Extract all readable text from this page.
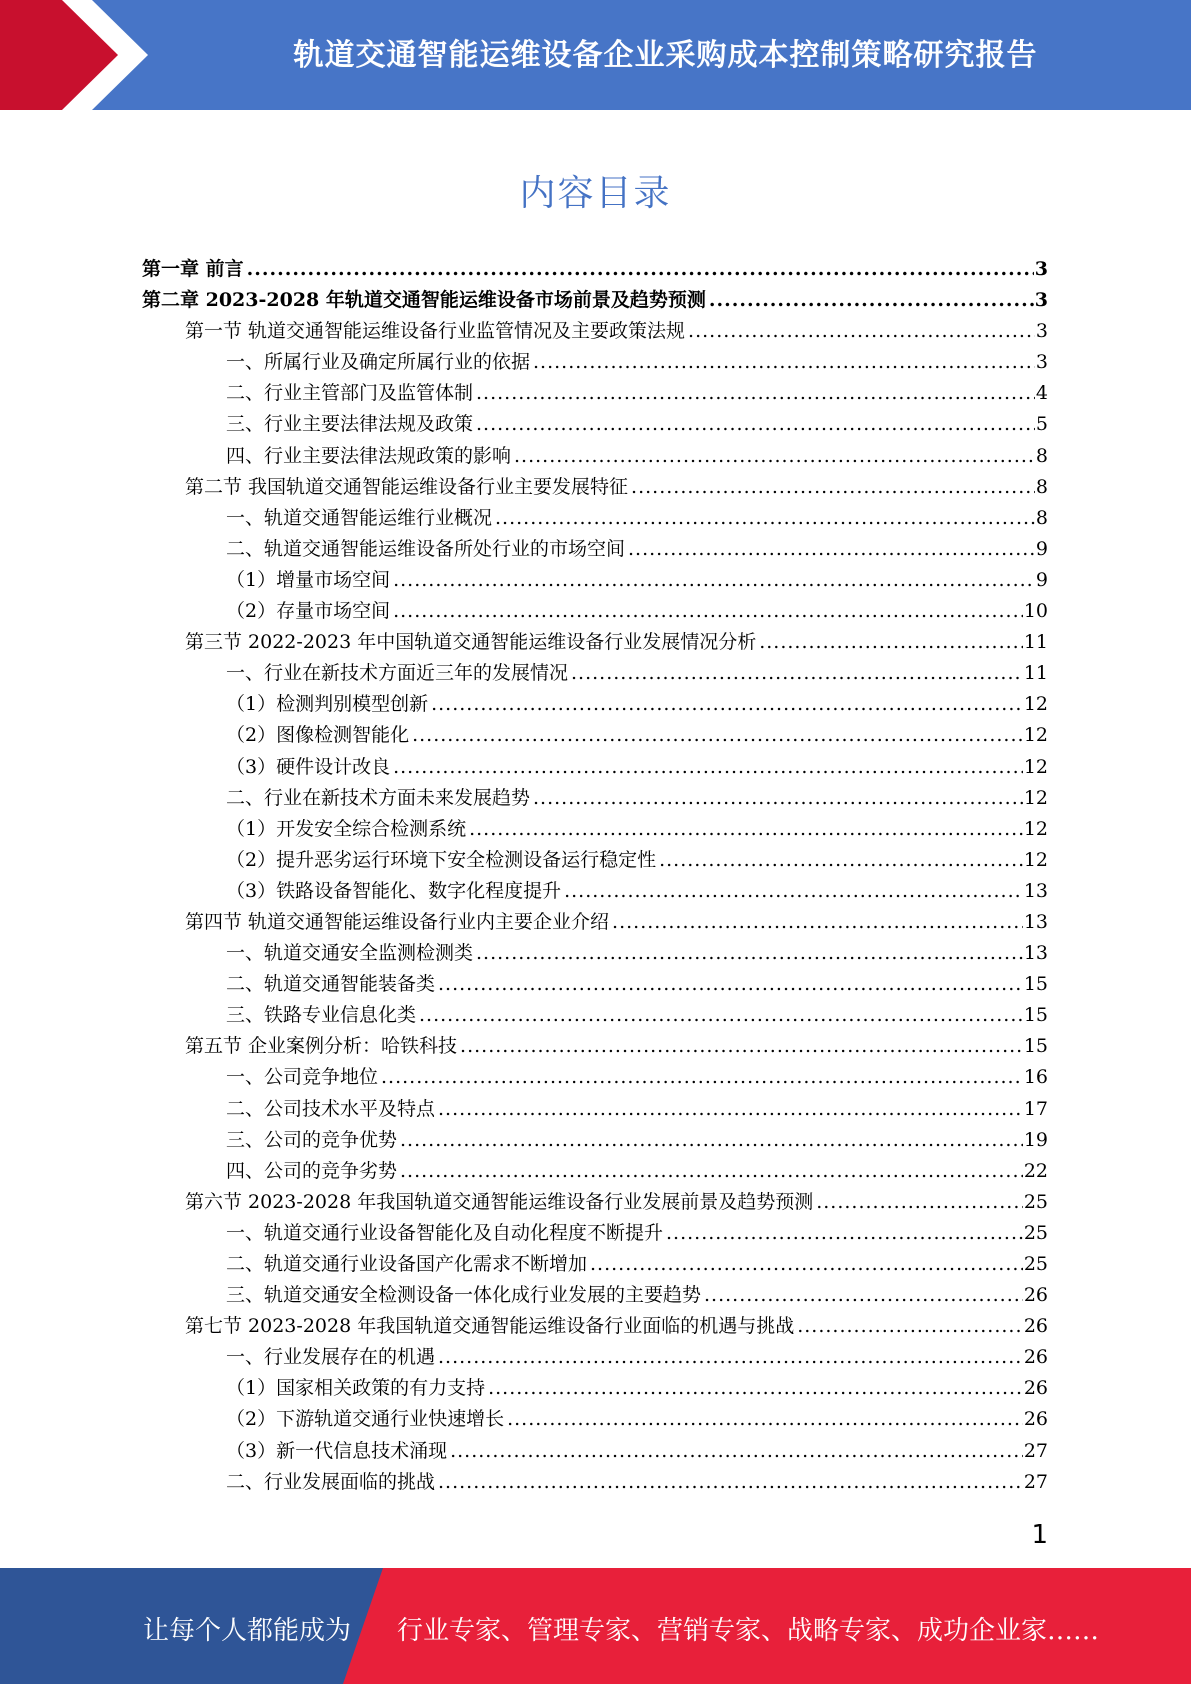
轨道交通智能运维设备企业采购成本控制策略研究报告
内容目录
第一章 前言 .....	3
第二章 2023-2028 年轨道交通智能运维设备市场前景及趋势预测 .....	3
第一节 轨道交通智能运维设备行业监管情况及主要政策法规 .....	3
一、所属行业及确定所属行业的依据 .....	3
二、行业主管部门及监管体制 .....	4
三、行业主要法律法规及政策 .....	5
四、行业主要法律法规政策的影响 .....	8
第二节 我国轨道交通智能运维设备行业主要发展特征 .....	8
一、轨道交通智能运维行业概况 .....	8
二、轨道交通智能运维设备所处行业的市场空间 .....	9
（1）增量市场空间 .....	9
（2）存量市场空间 .....	10
第三节 2022-2023 年中国轨道交通智能运维设备行业发展情况分析 .....	11
一、行业在新技术方面近三年的发展情况 .....	11
（1）检测判别模型创新 .....	12
（2）图像检测智能化 .....	12
（3）硬件设计改良 .....	12
二、行业在新技术方面未来发展趋势 .....	12
（1）开发安全综合检测系统 .....	12
（2）提升恶劣运行环境下安全检测设备运行稳定性 .....	12
（3）铁路设备智能化、数字化程度提升 .....	13
第四节 轨道交通智能运维设备行业内主要企业介绍 .....	13
一、轨道交通安全监测检测类 .....	13
二、轨道交通智能装备类 .....	15
三、铁路专业信息化类 .....	15
第五节 企业案例分析：哈铁科技 .....	15
一、公司竞争地位 .....	16
二、公司技术水平及特点 .....	17
三、公司的竞争优势 .....	19
四、公司的竞争劣势 .....	22
第六节 2023-2028 年我国轨道交通智能运维设备行业发展前景及趋势预测 .....	25
一、轨道交通行业设备智能化及自动化程度不断提升 .....	25
二、轨道交通行业设备国产化需求不断增加 .....	25
三、轨道交通安全检测设备一体化成行业发展的主要趋势 .....	26
第七节 2023-2028 年我国轨道交通智能运维设备行业面临的机遇与挑战 .....	26
一、行业发展存在的机遇 .....	26
（1）国家相关政策的有力支持 .....	26
（2）下游轨道交通行业快速增长 .....	26
（3）新一代信息技术涌现 .....	27
二、行业发展面临的挑战 .....	27
1
让每个人都能成为 行业专家、管理专家、营销专家、战略专家、成功企业家……
